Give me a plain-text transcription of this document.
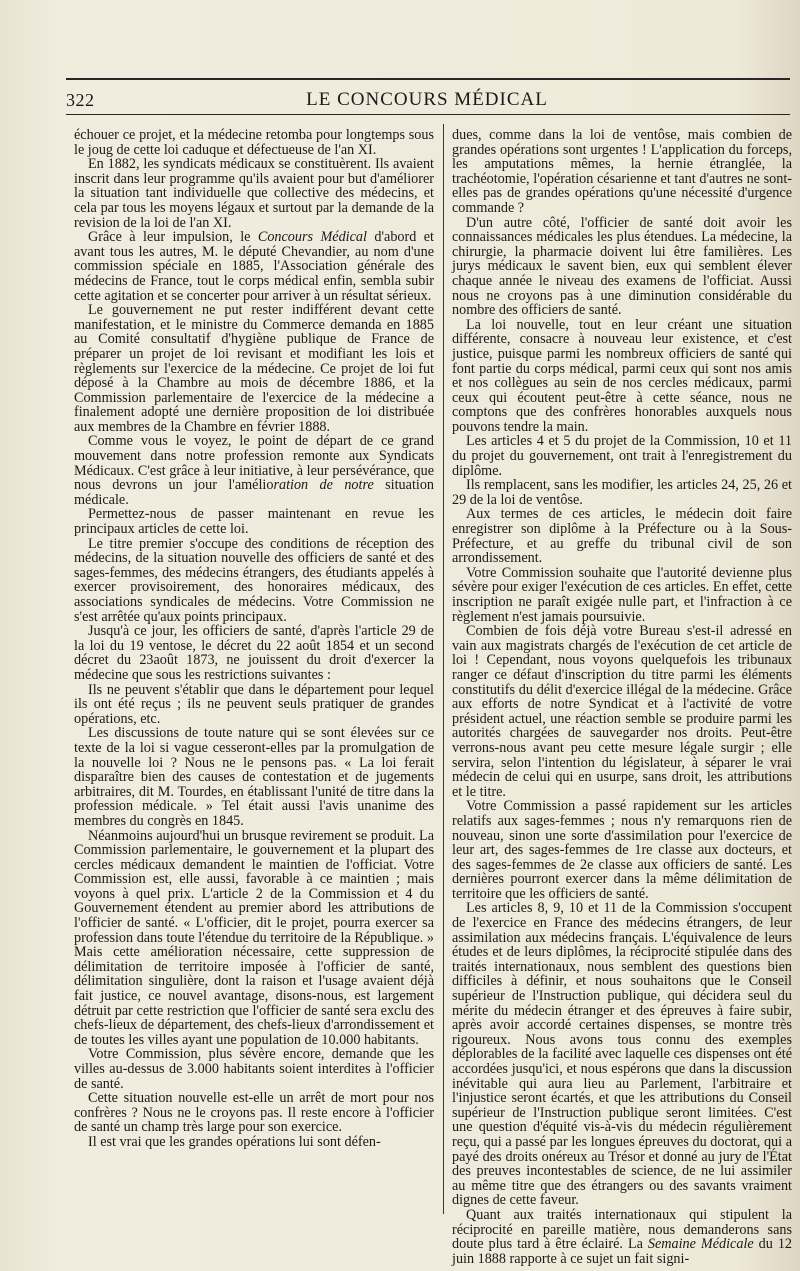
322	LE CONCOURS MÉDICAL

échouer ce projet, et la médecine retomba pour longtemps sous le joug de cette loi caduque et défectueuse de l'an XI.

En 1882, les syndicats médicaux se constituèrent. Ils avaient inscrit dans leur programme qu'ils avaient pour but d'améliorer la situation tant individuelle que collective des médecins, et cela par tous les moyens légaux et surtout par la demande de la revision de la loi de l'an XI.

Grâce à leur impulsion, le Concours Médical d'abord et avant tous les autres, M. le député Chevandier, au nom d'une commission spéciale en 1885, l'Association générale des médecins de France, tout le corps médical enfin, sembla subir cette agitation et se concerter pour arriver à un résultat sérieux.

Le gouvernement ne put rester indifférent devant cette manifestation, et le ministre du Commerce demanda en 1885 au Comité consultatif d'hygiène publique de France de préparer un projet de loi revisant et modifiant les lois et règlements sur l'exercice de la médecine. Ce projet de loi fut déposé à la Chambre au mois de décembre 1886, et la Commission parlementaire de l'exercice de la médecine a finalement adopté une dernière proposition de loi distribuée aux membres de la Chambre en février 1888.

Comme vous le voyez, le point de départ de ce grand mouvement dans notre profession remonte aux Syndicats Médicaux. C'est grâce à leur initiative, à leur persévérance, que nous devrons un jour l'amélioration de notre situation médicale.

Permettez-nous de passer maintenant en revue les principaux articles de cette loi.

Le titre premier s'occupe des conditions de réception des médecins, de la situation nouvelle des officiers de santé et des sages-femmes, des médecins étrangers, des étudiants appelés à exercer provisoirement, des honoraires médicaux, des associations syndicales de médecins. Votre Commission ne s'est arrêtée qu'aux points principaux.

Jusqu'à ce jour, les officiers de santé, d'après l'article 29 de la loi du 19 ventose, le décret du 22 août 1854 et un second décret du 23août 1873, ne jouissent du droit d'exercer la médecine que sous les restrictions suivantes :

Ils ne peuvent s'établir que dans le département pour lequel ils ont été reçus ; ils ne peuvent seuls pratiquer de grandes opérations, etc.

Les discussions de toute nature qui se sont élevées sur ce texte de la loi si vague cesseront-elles par la promulgation de la nouvelle loi ? Nous ne le pensons pas. « La loi ferait disparaître bien des causes de contestation et de jugements arbitraires, dit M. Tourdes, en établissant l'unité de titre dans la profession médicale. » Tel était aussi l'avis unanime des membres du congrès en 1845.

Néanmoins aujourd'hui un brusque revirement se produit. La Commission parlementaire, le gouvernement et la plupart des cercles médicaux demandent le maintien de l'officiat. Votre Commission est, elle aussi, favorable à ce maintien ; mais voyons à quel prix. L'article 2 de la Commission et 4 du Gouvernement étendent au premier abord les attributions de l'officier de santé. « L'officier, dit le projet, pourra exercer sa profession dans toute l'étendue du territoire de la République. » Mais cette amélioration nécessaire, cette suppression de délimitation de territoire imposée à l'officier de santé, délimitation singulière, dont la raison et l'usage avaient déjà fait justice, ce nouvel avantage, disons-nous, est largement détruit par cette restriction que l'officier de santé sera exclu des chefs-lieux de département, des chefs-lieux d'arrondissement et de toutes les villes ayant une population de 10.000 habitants.

Votre Commission, plus sévère encore, demande que les villes au-dessus de 3.000 habitants soient interdites à l'officier de santé.

Cette situation nouvelle est-elle un arrêt de mort pour nos confrères ? Nous ne le croyons pas. Il reste encore à l'officier de santé un champ très large pour son exercice.

Il est vrai que les grandes opérations lui sont défen-

dues, comme dans la loi de ventôse, mais combien de grandes opérations sont urgentes ! L'application du forceps, les amputations mêmes, la hernie étranglée, la trachéotomie, l'opération césarienne et tant d'autres ne sont-elles pas de grandes opérations qu'une nécessité d'urgence commande ?

D'un autre côté, l'officier de santé doit avoir les connaissances médicales les plus étendues. La médecine, la chirurgie, la pharmacie doivent lui être familières. Les jurys médicaux le savent bien, eux qui semblent élever chaque année le niveau des examens de l'officiat. Aussi nous ne croyons pas à une diminution considérable du nombre des officiers de santé.

La loi nouvelle, tout en leur créant une situation différente, consacre à nouveau leur existence, et c'est justice, puisque parmi les nombreux officiers de santé qui font partie du corps médical, parmi ceux qui sont nos amis et nos collègues au sein de nos cercles médicaux, parmi ceux qui écoutent peut-être à cette séance, nous ne comptons que des confrères honorables auxquels nous pouvons tendre la main.

Les articles 4 et 5 du projet de la Commission, 10 et 11 du projet du gouvernement, ont trait à l'enregistrement du diplôme.

Ils remplacent, sans les modifier, les articles 24, 25, 26 et 29 de la loi de ventôse.

Aux termes de ces articles, le médecin doit faire enregistrer son diplôme à la Préfecture ou à la Sous-Préfecture, et au greffe du tribunal civil de son arrondissement.

Votre Commission souhaite que l'autorité devienne plus sévère pour exiger l'exécution de ces articles. En effet, cette inscription ne paraît exigée nulle part, et l'infraction à ce règlement n'est jamais poursuivie.

Combien de fois déjà votre Bureau s'est-il adressé en vain aux magistrats chargés de l'exécution de cet article de loi ! Cependant, nous voyons quelquefois les tribunaux ranger ce défaut d'inscription du titre parmi les éléments constitutifs du délit d'exercice illégal de la médecine. Grâce aux efforts de notre Syndicat et à l'activité de votre président actuel, une réaction semble se produire parmi les autorités chargées de sauvegarder nos droits. Peut-être verrons-nous avant peu cette mesure légale surgir ; elle servira, selon l'intention du législateur, à séparer le vrai médecin de celui qui en usurpe, sans droit, les attributions et le titre.

Votre Commission a passé rapidement sur les articles relatifs aux sages-femmes ; nous n'y remarquons rien de nouveau, sinon une sorte d'assimilation pour l'exercice de leur art, des sages-femmes de 1re classe aux docteurs, et des sages-femmes de 2e classe aux officiers de santé. Les dernières pourront exercer dans la même délimitation de territoire que les officiers de santé.

Les articles 8, 9, 10 et 11 de la Commission s'occupent de l'exercice en France des médecins étrangers, de leur assimilation aux médecins français. L'équivalence de leurs études et de leurs diplômes, la réciprocité stipulée dans des traités internationaux, nous semblent des questions bien difficiles à définir, et nous souhaitons que le Conseil supérieur de l'Instruction publique, qui décidera seul du mérite du médecin étranger et des épreuves à faire subir, après avoir accordé certaines dispenses, se montre très rigoureux. Nous avons tous connu des exemples déplorables de la facilité avec laquelle ces dispenses ont été accordées jusqu'ici, et nous espérons que dans la discussion inévitable qui aura lieu au Parlement, l'arbitraire et l'injustice seront écartés, et que les attributions du Conseil supérieur de l'Instruction publique seront limitées. C'est une question d'équité vis-à-vis du médecin régulièrement reçu, qui a passé par les longues épreuves du doctorat, qui a payé des droits onéreux au Trésor et donné au jury de l'État des preuves incontestables de science, de ne lui assimiler au même titre que des étrangers ou des savants vraiment dignes de cette faveur.

Quant aux traités internationaux qui stipulent la réciprocité en pareille matière, nous demanderons sans doute plus tard à être éclairé. La Semaine Médicale du 12 juin 1888 rapporte à ce sujet un fait signi-
